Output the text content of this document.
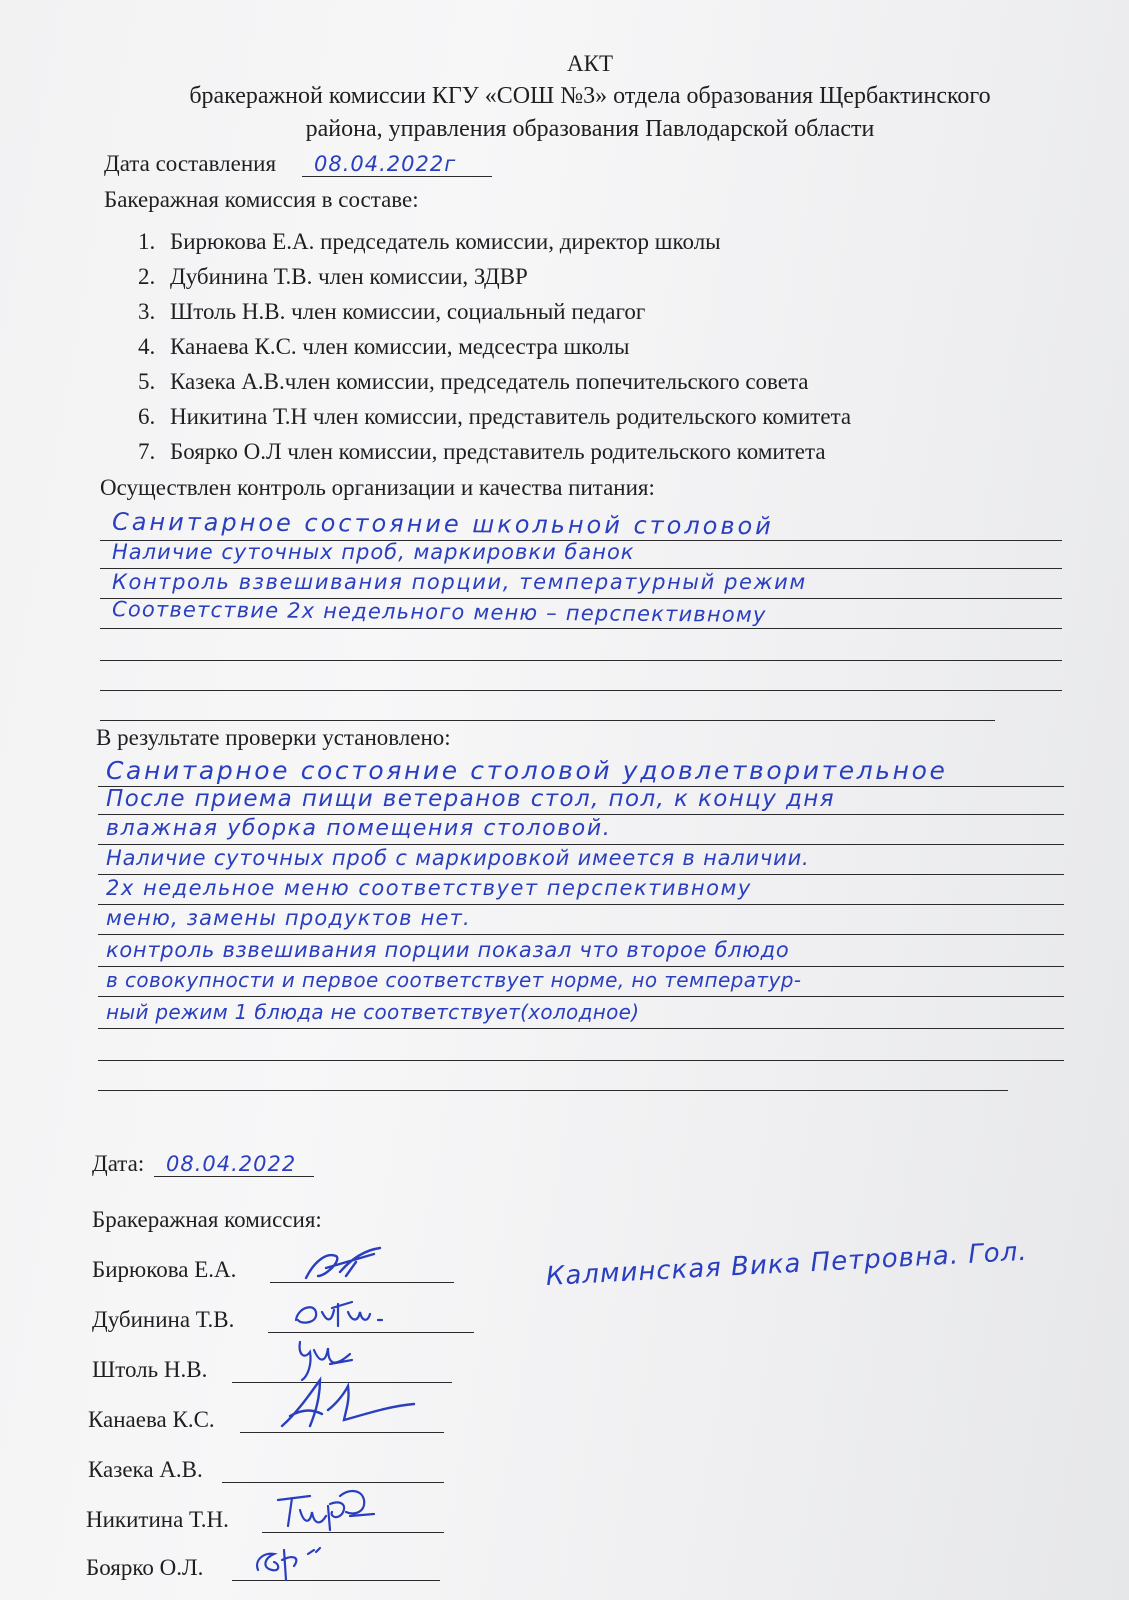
АКТ
бракеражной комиссии КГУ «СОШ №3» отдела образования Щербактинского
района, управления образования Павлодарской области
Дата составления 08.04.2022г
Бакеражная комиссия в составе:
1. Бирюкова Е.А. председатель комиссии, директор школы
2. Дубинина Т.В. член комиссии, ЗДВР
3. Штоль Н.В. член комиссии, социальный педагог
4. Канаева К.С. член комиссии, медсестра школы
5. Казека А.В.член комиссии, председатель попечительского совета
6. Никитина Т.Н член комиссии, представитель родительского комитета
7. Боярко О.Л член комиссии, представитель родительского комитета
Осуществлен контроль организации и качества питания:
Санитарное состояние школьной столовой
Наличие суточных проб, маркировки банок
Контроль взвешивания порции, температурный режим
Соответствие 2х недельного меню – перспективному
В результате проверки установлено:
Санитарное состояние столовой удовлетворительное
После приема пищи ветеранов стол, пол, к концу дня
влажная уборка помещения столовой.
Наличие суточных проб с маркировкой имеется в наличии.
2х недельное меню соответствует перспективному
меню, замены продуктов нет.
контроль взвешивания порции показал что второе блюдо
в совокупности и первое соответствует норме, но температур-
ный режим 1 блюда не соответствует(холодное)
Дата: 08.04.2022
Бракеражная комиссия:
Бирюкова Е.А.
Дубинина Т.В.
Штоль Н.В.
Канаева К.С.
Казека А.В.
Никитина Т.Н.
Боярко О.Л.
Калминская Вика Петровна. Гол.
